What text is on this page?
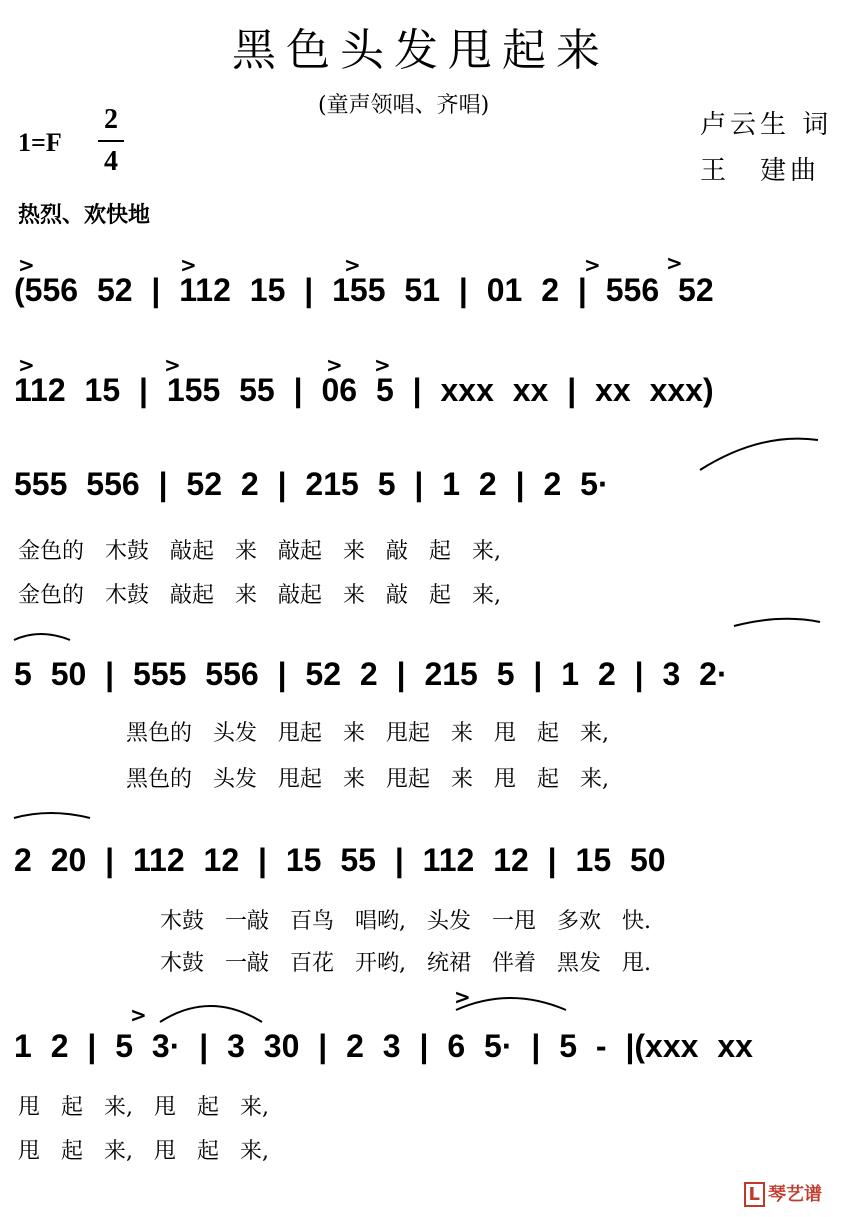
黑色头发甩起来
(童声领唱、齐唱)
卢云生 词
王　建曲
1=F
2
4
热烈、欢快地
(556 52 | 112 15 | 155 51 | 01 2 | 556 52
112 15 | 155 55 | 06 5 | xxx xx | xx xxx)
555 556 | 52 2 | 215 5 | 1 2 | 2 5·
金色的 木鼓 敲起 来 敲起 来 敲 起 来,
金色的 木鼓 敲起 来 敲起 来 敲 起 来,
5 50 | 555 556 | 52 2 | 215 5 | 1 2 | 3 2·
黑色的 头发 甩起 来 甩起 来 甩 起 来,
黑色的 头发 甩起 来 甩起 来 甩 起 来,
2 20 | 112 12 | 15 55 | 112 12 | 15 50
木鼓 一敲 百鸟 唱哟, 头发 一甩 多欢 快.
木鼓 一敲 百花 开哟, 统裙 伴着 黑发 甩.
1 2 | 5 3· | 3 30 | 2 3 | 6 5· | 5 - |(xxx xx
甩 起 来, 甩 起 来,
甩 起 来, 甩 起 来,
>	>	>	>	>
>	>	> >
>
>
L 琴艺谱
